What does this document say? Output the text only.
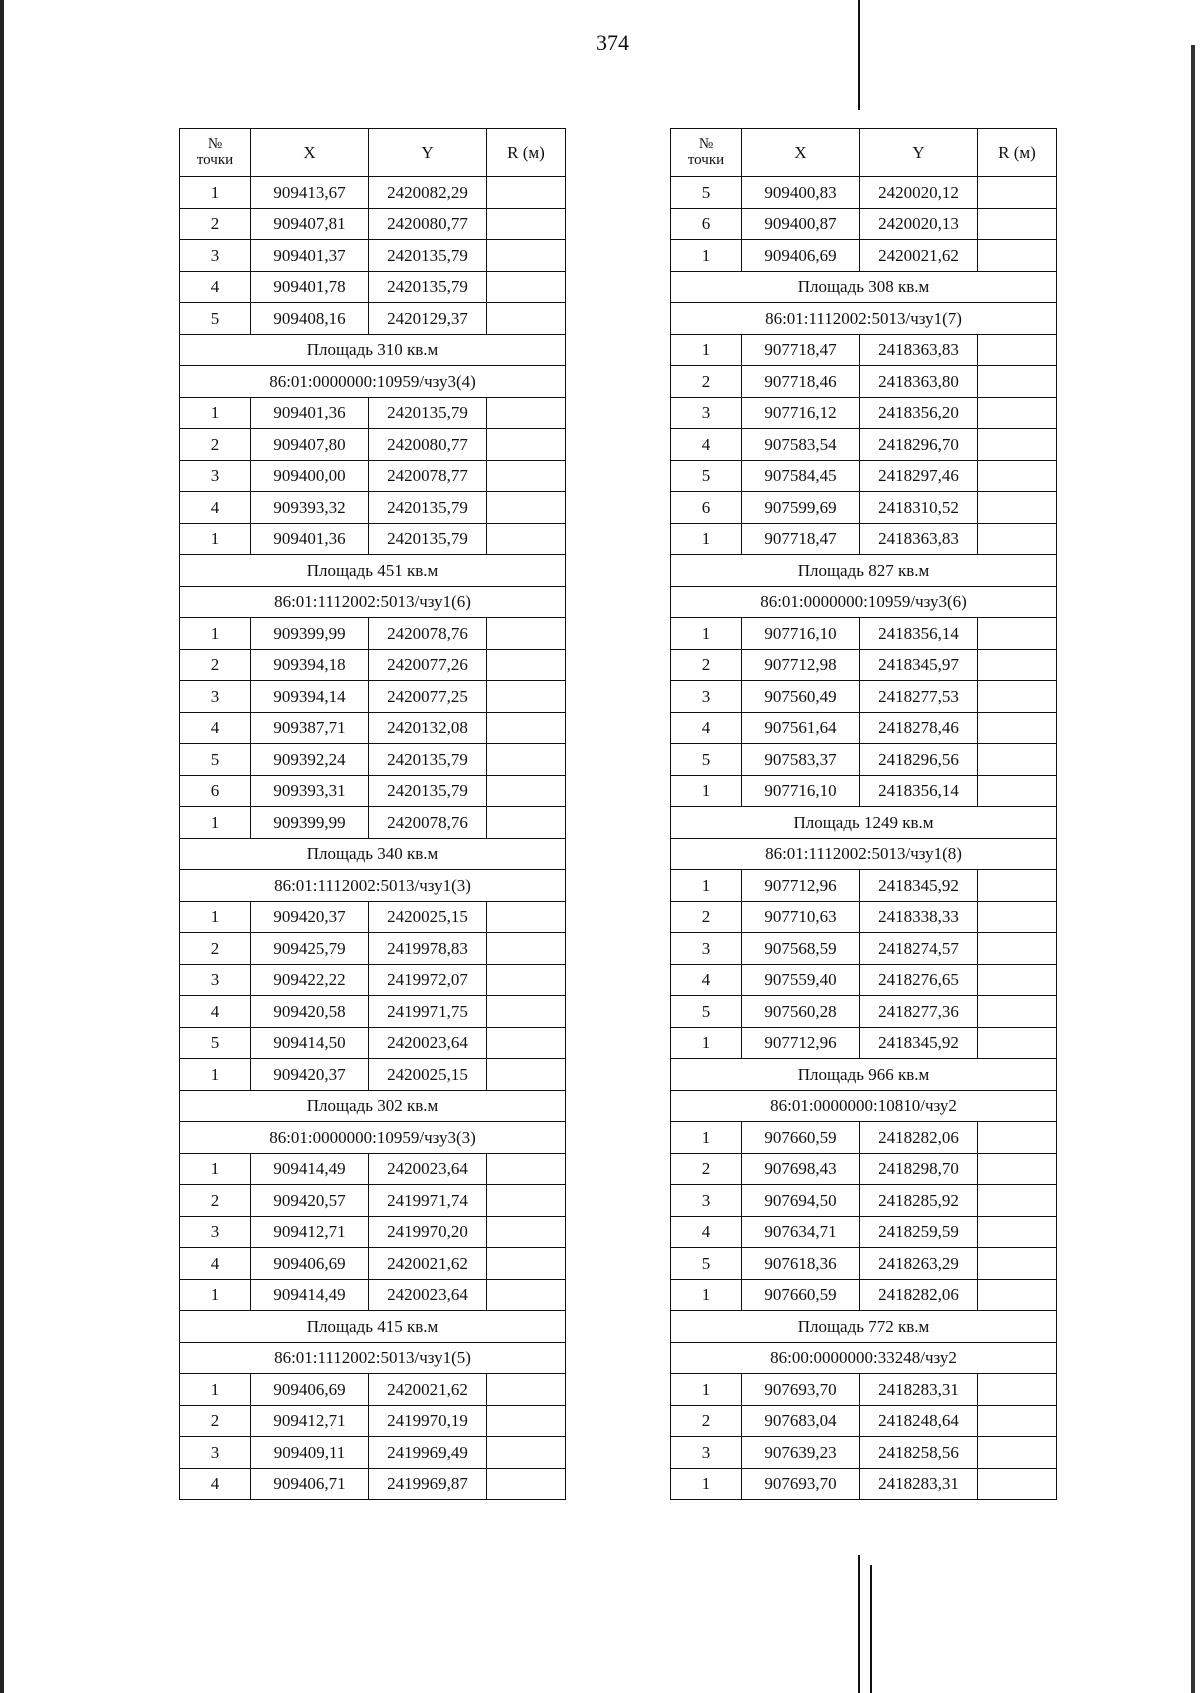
374
№
точки	X	Y	R (м)
1	909413,67	2420082,29	
2	909407,81	2420080,77	
3	909401,37	2420135,79	
4	909401,78	2420135,79	
5	909408,16	2420129,37	
Площадь 310 кв.м			
86:01:0000000:10959/чзу3(4)			
1	909401,36	2420135,79	
2	909407,80	2420080,77	
3	909400,00	2420078,77	
4	909393,32	2420135,79	
1	909401,36	2420135,79	
Площадь 451 кв.м			
86:01:1112002:5013/чзу1(6)			
1	909399,99	2420078,76	
2	909394,18	2420077,26	
3	909394,14	2420077,25	
4	909387,71	2420132,08	
5	909392,24	2420135,79	
6	909393,31	2420135,79	
1	909399,99	2420078,76	
Площадь 340 кв.м			
86:01:1112002:5013/чзу1(3)			
1	909420,37	2420025,15	
2	909425,79	2419978,83	
3	909422,22	2419972,07	
4	909420,58	2419971,75	
5	909414,50	2420023,64	
1	909420,37	2420025,15	
Площадь 302 кв.м			
86:01:0000000:10959/чзу3(3)			
1	909414,49	2420023,64	
2	909420,57	2419971,74	
3	909412,71	2419970,20	
4	909406,69	2420021,62	
1	909414,49	2420023,64	
Площадь 415 кв.м			
86:01:1112002:5013/чзу1(5)			
1	909406,69	2420021,62	
2	909412,71	2419970,19	
3	909409,11	2419969,49	
4	909406,71	2419969,87	
№
точки	X	Y	R (м)
5	909400,83	2420020,12	
6	909400,87	2420020,13	
1	909406,69	2420021,62	
Площадь 308 кв.м			
86:01:1112002:5013/чзу1(7)			
1	907718,47	2418363,83	
2	907718,46	2418363,80	
3	907716,12	2418356,20	
4	907583,54	2418296,70	
5	907584,45	2418297,46	
6	907599,69	2418310,52	
1	907718,47	2418363,83	
Площадь 827 кв.м			
86:01:0000000:10959/чзу3(6)			
1	907716,10	2418356,14	
2	907712,98	2418345,97	
3	907560,49	2418277,53	
4	907561,64	2418278,46	
5	907583,37	2418296,56	
1	907716,10	2418356,14	
Площадь 1249 кв.м			
86:01:1112002:5013/чзу1(8)			
1	907712,96	2418345,92	
2	907710,63	2418338,33	
3	907568,59	2418274,57	
4	907559,40	2418276,65	
5	907560,28	2418277,36	
1	907712,96	2418345,92	
Площадь 966 кв.м			
86:01:0000000:10810/чзу2			
1	907660,59	2418282,06	
2	907698,43	2418298,70	
3	907694,50	2418285,92	
4	907634,71	2418259,59	
5	907618,36	2418263,29	
1	907660,59	2418282,06	
Площадь 772 кв.м			
86:00:0000000:33248/чзу2			
1	907693,70	2418283,31	
2	907683,04	2418248,64	
3	907639,23	2418258,56	
1	907693,70	2418283,31	
